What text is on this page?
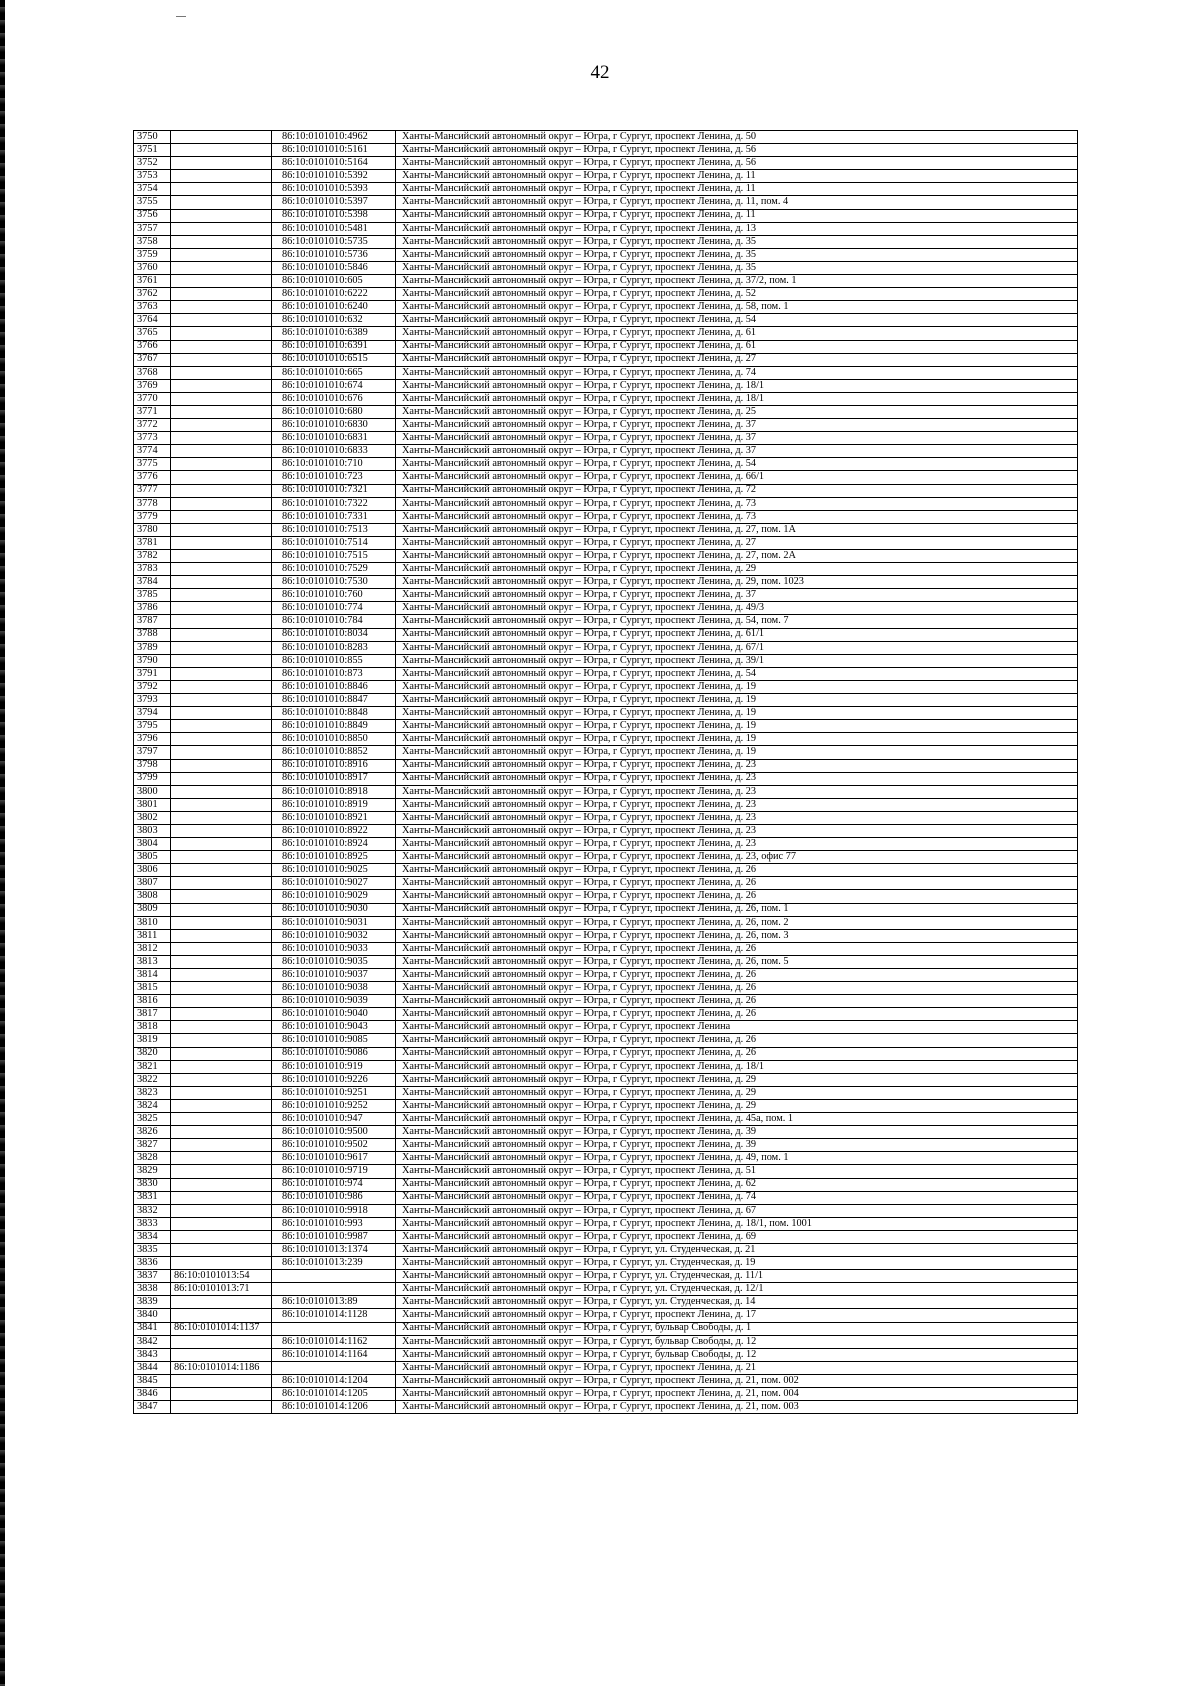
42
3750		86:10:0101010:4962	Ханты-Мансийский автономный округ – Югра, г Сургут, проспект Ленина, д. 50
3751		86:10:0101010:5161	Ханты-Мансийский автономный округ – Югра, г Сургут, проспект Ленина, д. 56
3752		86:10:0101010:5164	Ханты-Мансийский автономный округ – Югра, г Сургут, проспект Ленина, д. 56
3753		86:10:0101010:5392	Ханты-Мансийский автономный округ – Югра, г Сургут, проспект Ленина, д. 11
3754		86:10:0101010:5393	Ханты-Мансийский автономный округ – Югра, г Сургут, проспект Ленина, д. 11
3755		86:10:0101010:5397	Ханты-Мансийский автономный округ – Югра, г Сургут, проспект Ленина, д. 11, пом. 4
3756		86:10:0101010:5398	Ханты-Мансийский автономный округ – Югра, г Сургут, проспект Ленина, д. 11
3757		86:10:0101010:5481	Ханты-Мансийский автономный округ – Югра, г Сургут, проспект Ленина, д. 13
3758		86:10:0101010:5735	Ханты-Мансийский автономный округ – Югра, г Сургут, проспект Ленина, д. 35
3759		86:10:0101010:5736	Ханты-Мансийский автономный округ – Югра, г Сургут, проспект Ленина, д. 35
3760		86:10:0101010:5846	Ханты-Мансийский автономный округ – Югра, г Сургут, проспект Ленина, д. 35
3761		86:10:0101010:605	Ханты-Мансийский автономный округ – Югра, г Сургут, проспект Ленина, д. 37/2, пом. 1
3762		86:10:0101010:6222	Ханты-Мансийский автономный округ – Югра, г Сургут, проспект Ленина, д. 52
3763		86:10:0101010:6240	Ханты-Мансийский автономный округ – Югра, г Сургут, проспект Ленина, д. 58, пом. 1
3764		86:10:0101010:632	Ханты-Мансийский автономный округ – Югра, г Сургут, проспект Ленина, д. 54
3765		86:10:0101010:6389	Ханты-Мансийский автономный округ – Югра, г Сургут, проспект Ленина, д. 61
3766		86:10:0101010:6391	Ханты-Мансийский автономный округ – Югра, г Сургут, проспект Ленина, д. 61
3767		86:10:0101010:6515	Ханты-Мансийский автономный округ – Югра, г Сургут, проспект Ленина, д. 27
3768		86:10:0101010:665	Ханты-Мансийский автономный округ – Югра, г Сургут, проспект Ленина, д. 74
3769		86:10:0101010:674	Ханты-Мансийский автономный округ – Югра, г Сургут, проспект Ленина, д. 18/1
3770		86:10:0101010:676	Ханты-Мансийский автономный округ – Югра, г Сургут, проспект Ленина, д. 18/1
3771		86:10:0101010:680	Ханты-Мансийский автономный округ – Югра, г Сургут, проспект Ленина, д. 25
3772		86:10:0101010:6830	Ханты-Мансийский автономный округ – Югра, г Сургут, проспект Ленина, д. 37
3773		86:10:0101010:6831	Ханты-Мансийский автономный округ – Югра, г Сургут, проспект Ленина, д. 37
3774		86:10:0101010:6833	Ханты-Мансийский автономный округ – Югра, г Сургут, проспект Ленина, д. 37
3775		86:10:0101010:710	Ханты-Мансийский автономный округ – Югра, г Сургут, проспект Ленина, д. 54
3776		86:10:0101010:723	Ханты-Мансийский автономный округ – Югра, г Сургут, проспект Ленина, д. 66/1
3777		86:10:0101010:7321	Ханты-Мансийский автономный округ – Югра, г Сургут, проспект Ленина, д. 72
3778		86:10:0101010:7322	Ханты-Мансийский автономный округ – Югра, г Сургут, проспект Ленина, д. 73
3779		86:10:0101010:7331	Ханты-Мансийский автономный округ – Югра, г Сургут, проспект Ленина, д. 73
3780		86:10:0101010:7513	Ханты-Мансийский автономный округ – Югра, г Сургут, проспект Ленина, д. 27, пом. 1А
3781		86:10:0101010:7514	Ханты-Мансийский автономный округ – Югра, г Сургут, проспект Ленина, д. 27
3782		86:10:0101010:7515	Ханты-Мансийский автономный округ – Югра, г Сургут, проспект Ленина, д. 27, пом. 2А
3783		86:10:0101010:7529	Ханты-Мансийский автономный округ – Югра, г Сургут, проспект Ленина, д. 29
3784		86:10:0101010:7530	Ханты-Мансийский автономный округ – Югра, г Сургут, проспект Ленина, д. 29, пом. 1023
3785		86:10:0101010:760	Ханты-Мансийский автономный округ – Югра, г Сургут, проспект Ленина, д. 37
3786		86:10:0101010:774	Ханты-Мансийский автономный округ – Югра, г Сургут, проспект Ленина, д. 49/3
3787		86:10:0101010:784	Ханты-Мансийский автономный округ – Югра, г Сургут, проспект Ленина, д. 54, пом. 7
3788		86:10:0101010:8034	Ханты-Мансийский автономный округ – Югра, г Сургут, проспект Ленина, д. 61/1
3789		86:10:0101010:8283	Ханты-Мансийский автономный округ – Югра, г Сургут, проспект Ленина, д. 67/1
3790		86:10:0101010:855	Ханты-Мансийский автономный округ – Югра, г Сургут, проспект Ленина, д. 39/1
3791		86:10:0101010:873	Ханты-Мансийский автономный округ – Югра, г Сургут, проспект Ленина, д. 54
3792		86:10:0101010:8846	Ханты-Мансийский автономный округ – Югра, г Сургут, проспект Ленина, д. 19
3793		86:10:0101010:8847	Ханты-Мансийский автономный округ – Югра, г Сургут, проспект Ленина, д. 19
3794		86:10:0101010:8848	Ханты-Мансийский автономный округ – Югра, г Сургут, проспект Ленина, д. 19
3795		86:10:0101010:8849	Ханты-Мансийский автономный округ – Югра, г Сургут, проспект Ленина, д. 19
3796		86:10:0101010:8850	Ханты-Мансийский автономный округ – Югра, г Сургут, проспект Ленина, д. 19
3797		86:10:0101010:8852	Ханты-Мансийский автономный округ – Югра, г Сургут, проспект Ленина, д. 19
3798		86:10:0101010:8916	Ханты-Мансийский автономный округ – Югра, г Сургут, проспект Ленина, д. 23
3799		86:10:0101010:8917	Ханты-Мансийский автономный округ – Югра, г Сургут, проспект Ленина, д. 23
3800		86:10:0101010:8918	Ханты-Мансийский автономный округ – Югра, г Сургут, проспект Ленина, д. 23
3801		86:10:0101010:8919	Ханты-Мансийский автономный округ – Югра, г Сургут, проспект Ленина, д. 23
3802		86:10:0101010:8921	Ханты-Мансийский автономный округ – Югра, г Сургут, проспект Ленина, д. 23
3803		86:10:0101010:8922	Ханты-Мансийский автономный округ – Югра, г Сургут, проспект Ленина, д. 23
3804		86:10:0101010:8924	Ханты-Мансийский автономный округ – Югра, г Сургут, проспект Ленина, д. 23
3805		86:10:0101010:8925	Ханты-Мансийский автономный округ – Югра, г Сургут, проспект Ленина, д. 23, офис 77
3806		86:10:0101010:9025	Ханты-Мансийский автономный округ – Югра, г Сургут, проспект Ленина, д. 26
3807		86:10:0101010:9027	Ханты-Мансийский автономный округ – Югра, г Сургут, проспект Ленина, д. 26
3808		86:10:0101010:9029	Ханты-Мансийский автономный округ – Югра, г Сургут, проспект Ленина, д. 26
3809		86:10:0101010:9030	Ханты-Мансийский автономный округ – Югра, г Сургут, проспект Ленина, д. 26, пом. 1
3810		86:10:0101010:9031	Ханты-Мансийский автономный округ – Югра, г Сургут, проспект Ленина, д. 26, пом. 2
3811		86:10:0101010:9032	Ханты-Мансийский автономный округ – Югра, г Сургут, проспект Ленина, д. 26, пом. 3
3812		86:10:0101010:9033	Ханты-Мансийский автономный округ – Югра, г Сургут, проспект Ленина, д. 26
3813		86:10:0101010:9035	Ханты-Мансийский автономный округ – Югра, г Сургут, проспект Ленина, д. 26, пом. 5
3814		86:10:0101010:9037	Ханты-Мансийский автономный округ – Югра, г Сургут, проспект Ленина, д. 26
3815		86:10:0101010:9038	Ханты-Мансийский автономный округ – Югра, г Сургут, проспект Ленина, д. 26
3816		86:10:0101010:9039	Ханты-Мансийский автономный округ – Югра, г Сургут, проспект Ленина, д. 26
3817		86:10:0101010:9040	Ханты-Мансийский автономный округ – Югра, г Сургут, проспект Ленина, д. 26
3818		86:10:0101010:9043	Ханты-Мансийский автономный округ – Югра, г Сургут, проспект Ленина
3819		86:10:0101010:9085	Ханты-Мансийский автономный округ – Югра, г Сургут, проспект Ленина, д. 26
3820		86:10:0101010:9086	Ханты-Мансийский автономный округ – Югра, г Сургут, проспект Ленина, д. 26
3821		86:10:0101010:919	Ханты-Мансийский автономный округ – Югра, г Сургут, проспект Ленина, д. 18/1
3822		86:10:0101010:9226	Ханты-Мансийский автономный округ – Югра, г Сургут, проспект Ленина, д. 29
3823		86:10:0101010:9251	Ханты-Мансийский автономный округ – Югра, г Сургут, проспект Ленина, д. 29
3824		86:10:0101010:9252	Ханты-Мансийский автономный округ – Югра, г Сургут, проспект Ленина, д. 29
3825		86:10:0101010:947	Ханты-Мансийский автономный округ – Югра, г Сургут, проспект Ленина, д. 45а, пом. 1
3826		86:10:0101010:9500	Ханты-Мансийский автономный округ – Югра, г Сургут, проспект Ленина, д. 39
3827		86:10:0101010:9502	Ханты-Мансийский автономный округ – Югра, г Сургут, проспект Ленина, д. 39
3828		86:10:0101010:9617	Ханты-Мансийский автономный округ – Югра, г Сургут, проспект Ленина, д. 49, пом. 1
3829		86:10:0101010:9719	Ханты-Мансийский автономный округ – Югра, г Сургут, проспект Ленина, д. 51
3830		86:10:0101010:974	Ханты-Мансийский автономный округ – Югра, г Сургут, проспект Ленина, д. 62
3831		86:10:0101010:986	Ханты-Мансийский автономный округ – Югра, г Сургут, проспект Ленина, д. 74
3832		86:10:0101010:9918	Ханты-Мансийский автономный округ – Югра, г Сургут, проспект Ленина, д. 67
3833		86:10:0101010:993	Ханты-Мансийский автономный округ – Югра, г Сургут, проспект Ленина, д. 18/1, пом. 1001
3834		86:10:0101010:9987	Ханты-Мансийский автономный округ – Югра, г Сургут, проспект Ленина, д. 69
3835		86:10:0101013:1374	Ханты-Мансийский автономный округ – Югра, г Сургут, ул. Студенческая, д. 21
3836		86:10:0101013:239	Ханты-Мансийский автономный округ – Югра, г Сургут, ул. Студенческая, д. 19
3837	86:10:0101013:54		Ханты-Мансийский автономный округ – Югра, г Сургут, ул. Студенческая, д. 11/1
3838	86:10:0101013:71		Ханты-Мансийский автономный округ – Югра, г Сургут, ул. Студенческая, д. 12/1
3839		86:10:0101013:89	Ханты-Мансийский автономный округ – Югра, г Сургут, ул. Студенческая, д. 14
3840		86:10:0101014:1128	Ханты-Мансийский автономный округ – Югра, г Сургут, проспект Ленина, д. 17
3841	86:10:0101014:1137		Ханты-Мансийский автономный округ – Югра, г Сургут, бульвар Свободы, д. 1
3842		86:10:0101014:1162	Ханты-Мансийский автономный округ – Югра, г Сургут, бульвар Свободы, д. 12
3843		86:10:0101014:1164	Ханты-Мансийский автономный округ – Югра, г Сургут, бульвар Свободы, д. 12
3844	86:10:0101014:1186		Ханты-Мансийский автономный округ – Югра, г Сургут, проспект Ленина, д. 21
3845		86:10:0101014:1204	Ханты-Мансийский автономный округ – Югра, г Сургут, проспект Ленина, д. 21, пом. 002
3846		86:10:0101014:1205	Ханты-Мансийский автономный округ – Югра, г Сургут, проспект Ленина, д. 21, пом. 004
3847		86:10:0101014:1206	Ханты-Мансийский автономный округ – Югра, г Сургут, проспект Ленина, д. 21, пом. 003
